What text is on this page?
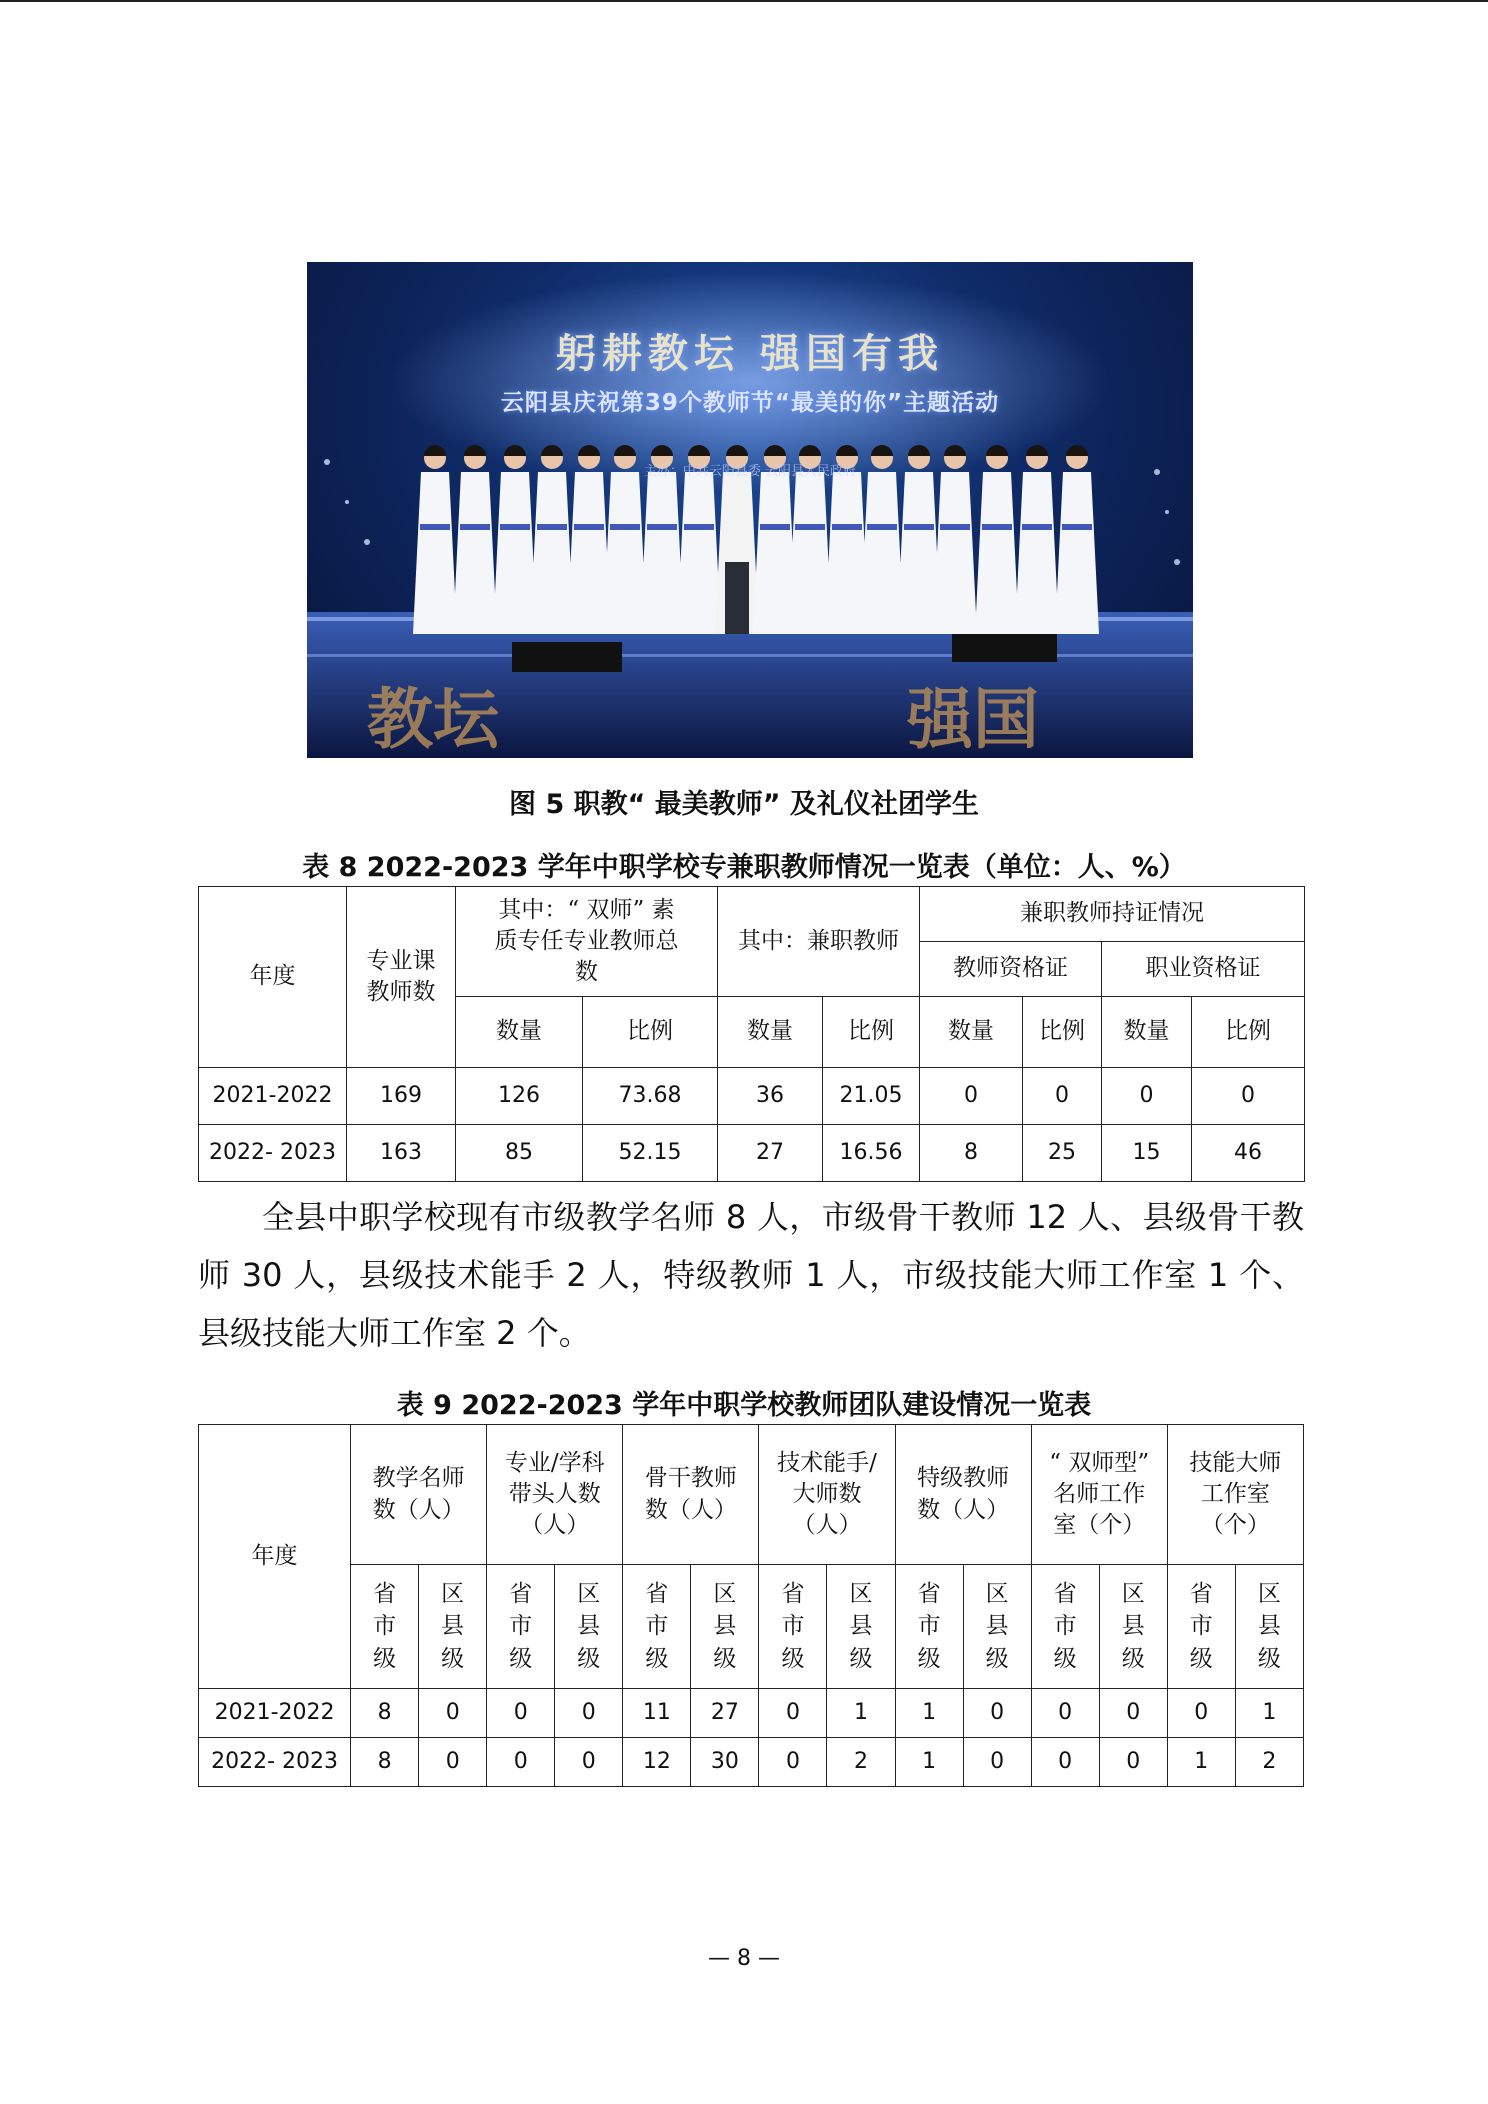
教坛	强国
躬耕教坛 强国有我
云阳县庆祝第39个教师节“最美的你”主题活动
主办：中共云阳县委 云阳县人民政府
图 5 职教“ 最美教师” 及礼仪社团学生
表 8 2022-2023 学年中职学校专兼职教师情况一览表（单位：人、%）
年度	专业课教师数	其中：“ 双师” 素质专任专业教师总数		其中：兼职教师		兼职教师持证情况			
						教师资格证		职业资格证	
		数量	比例	数量	比例	数量	比例	数量	比例
2021-2022	169	126	73.68	36	21.05	0	0	0	0
2022- 2023	163	85	52.15	27	16.56	8	25	15	46

全县中职学校现有市级教学名师 8 人，市级骨干教师 12 人、县级骨干教师 30 人，县级技术能手 2 人，特级教师 1 人，市级技能大师工作室 1 个、县级技能大师工作室 2 个。

表 9 2022-2023 学年中职学校教师团队建设情况一览表
年度	教学名师数（人）		专业/学科带头人数（人）		骨干教师数（人）		技术能手/大师数（人）		特级教师数（人）		“ 双师型” 名师工作室（个）		技能大师工作室（个）	
	省市级	区县级	省市级	区县级	省市级	区县级	省市级	区县级	省市级	区县级	省市级	区县级	省市级	区县级
2021-2022	8	0	0	0	11	27	0	1	1	0	0	0	0	1
2022- 2023	8	0	0	0	12	30	0	2	1	0	0	0	1	2
— 8 —
